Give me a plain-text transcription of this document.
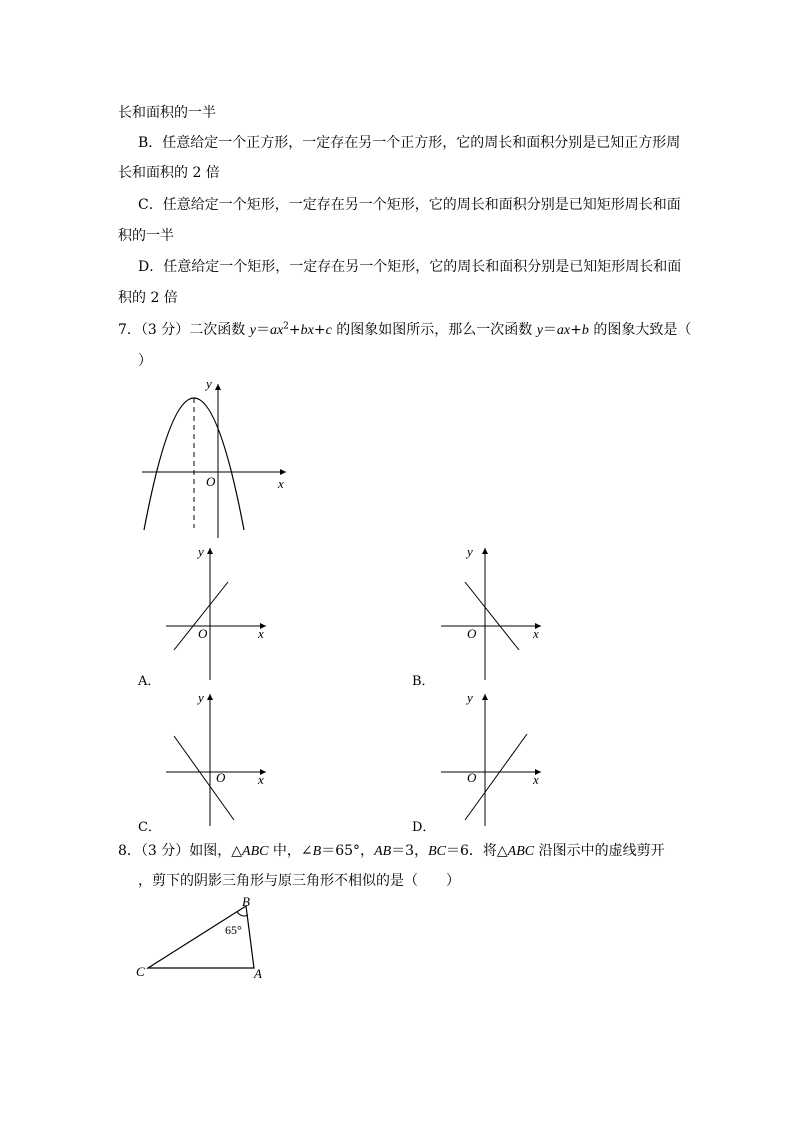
长和面积的一半
B．任意给定一个正方形，一定存在另一个正方形，它的周长和面积分别是已知正方形周
长和面积的 2 倍
C．任意给定一个矩形，一定存在另一个矩形，它的周长和面积分别是已知矩形周长和面
积的一半
D．任意给定一个矩形，一定存在另一个矩形，它的周长和面积分别是已知矩形周长和面
积的 2 倍
7．（3 分）二次函数 $y=ax^2+bx+c$ 的图象如图所示，那么一次函数 y＝ax+b 的图象大致是（
）
O	x
y
O	x
y
A．
O	x
y
B．
O	x
y
C．
O	x
y
D．
8．（3 分）如图，△ABC 中，∠B＝65°，AB＝3，BC＝6．将△ABC 沿图示中的虚线剪开
，剪下的阴影三角形与原三角形不相似的是（　　）
B
C	A
65°
